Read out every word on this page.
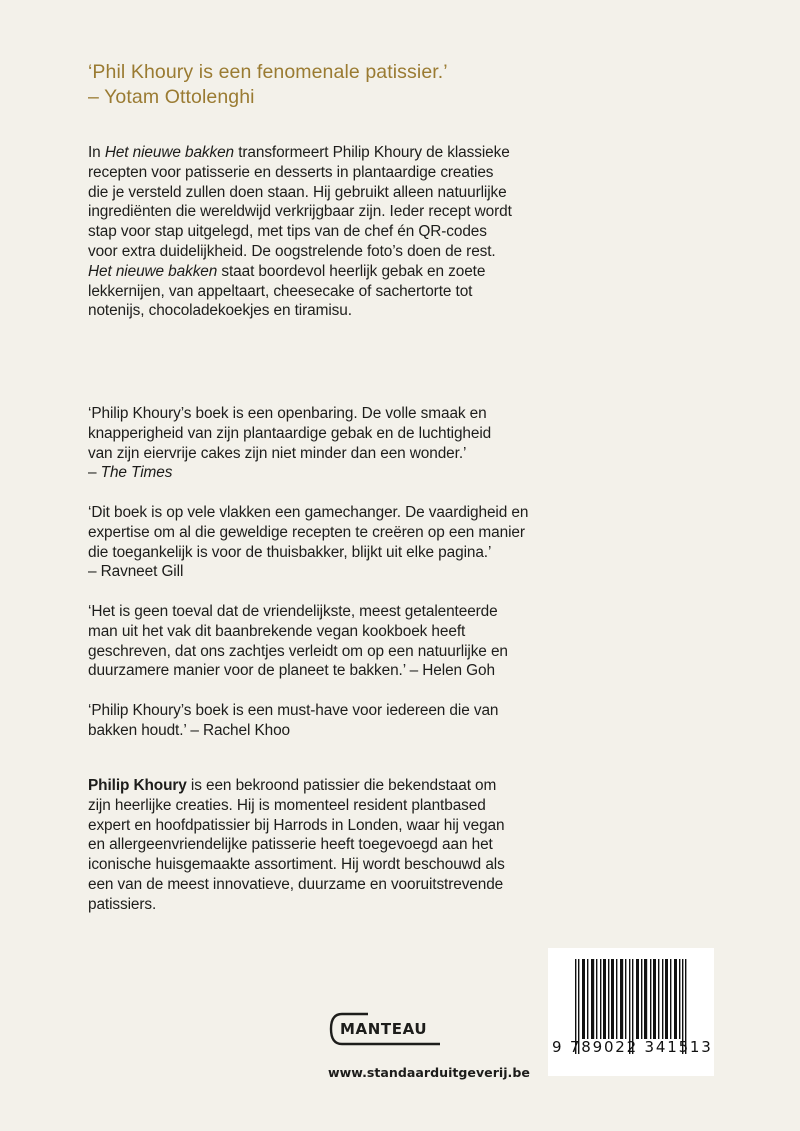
‘Phil Khoury is een fenomenale patissier.’
– Yotam Ottolenghi
In Het nieuwe bakken transformeert Philip Khoury de klassieke
recepten voor patisserie en desserts in plantaardige creaties
die je versteld zullen doen staan. Hij gebruikt alleen natuurlijke
ingrediënten die wereldwijd verkrijgbaar zijn. Ieder recept wordt
stap voor stap uitgelegd, met tips van de chef én QR-codes
voor extra duidelijkheid. De oogstrelende foto’s doen de rest.
Het nieuwe bakken staat boordevol heerlijk gebak en zoete
lekkernijen, van appeltaart, cheesecake of sachertorte tot
notenijs, chocoladekoekjes en tiramisu.
‘Philip Khoury’s boek is een openbaring. De volle smaak en
knapperigheid van zijn plantaardige gebak en de luchtigheid
van zijn eiervrije cakes zijn niet minder dan een wonder.’
– The Times
‘Dit boek is op vele vlakken een gamechanger. De vaardigheid en
expertise om al die geweldige recepten te creëren op een manier
die toegankelijk is voor de thuisbakker, blijkt uit elke pagina.’
– Ravneet Gill
‘Het is geen toeval dat de vriendelijkste, meest getalenteerde
man uit het vak dit baanbrekende vegan kookboek heeft
geschreven, dat ons zachtjes verleidt om op een natuurlijke en
duurzamere manier voor de planeet te bakken.’ – Helen Goh
‘Philip Khoury’s boek is een must-have voor iedereen die van
bakken houdt.’ – Rachel Khoo
Philip Khoury is een bekroond patissier die bekendstaat om
zijn heerlijke creaties. Hij is momenteel resident plantbased
expert en hoofdpatissier bij Harrods in Londen, waar hij vegan
en allergeenvriendelijke patisserie heeft toegevoegd aan het
iconische huisgemaakte assortiment. Hij wordt beschouwd als
een van de meest innovatieve, duurzame en vooruitstrevende
patissiers.
MANTEAU
www.standaarduitgeverij.be
9 789022 341513
